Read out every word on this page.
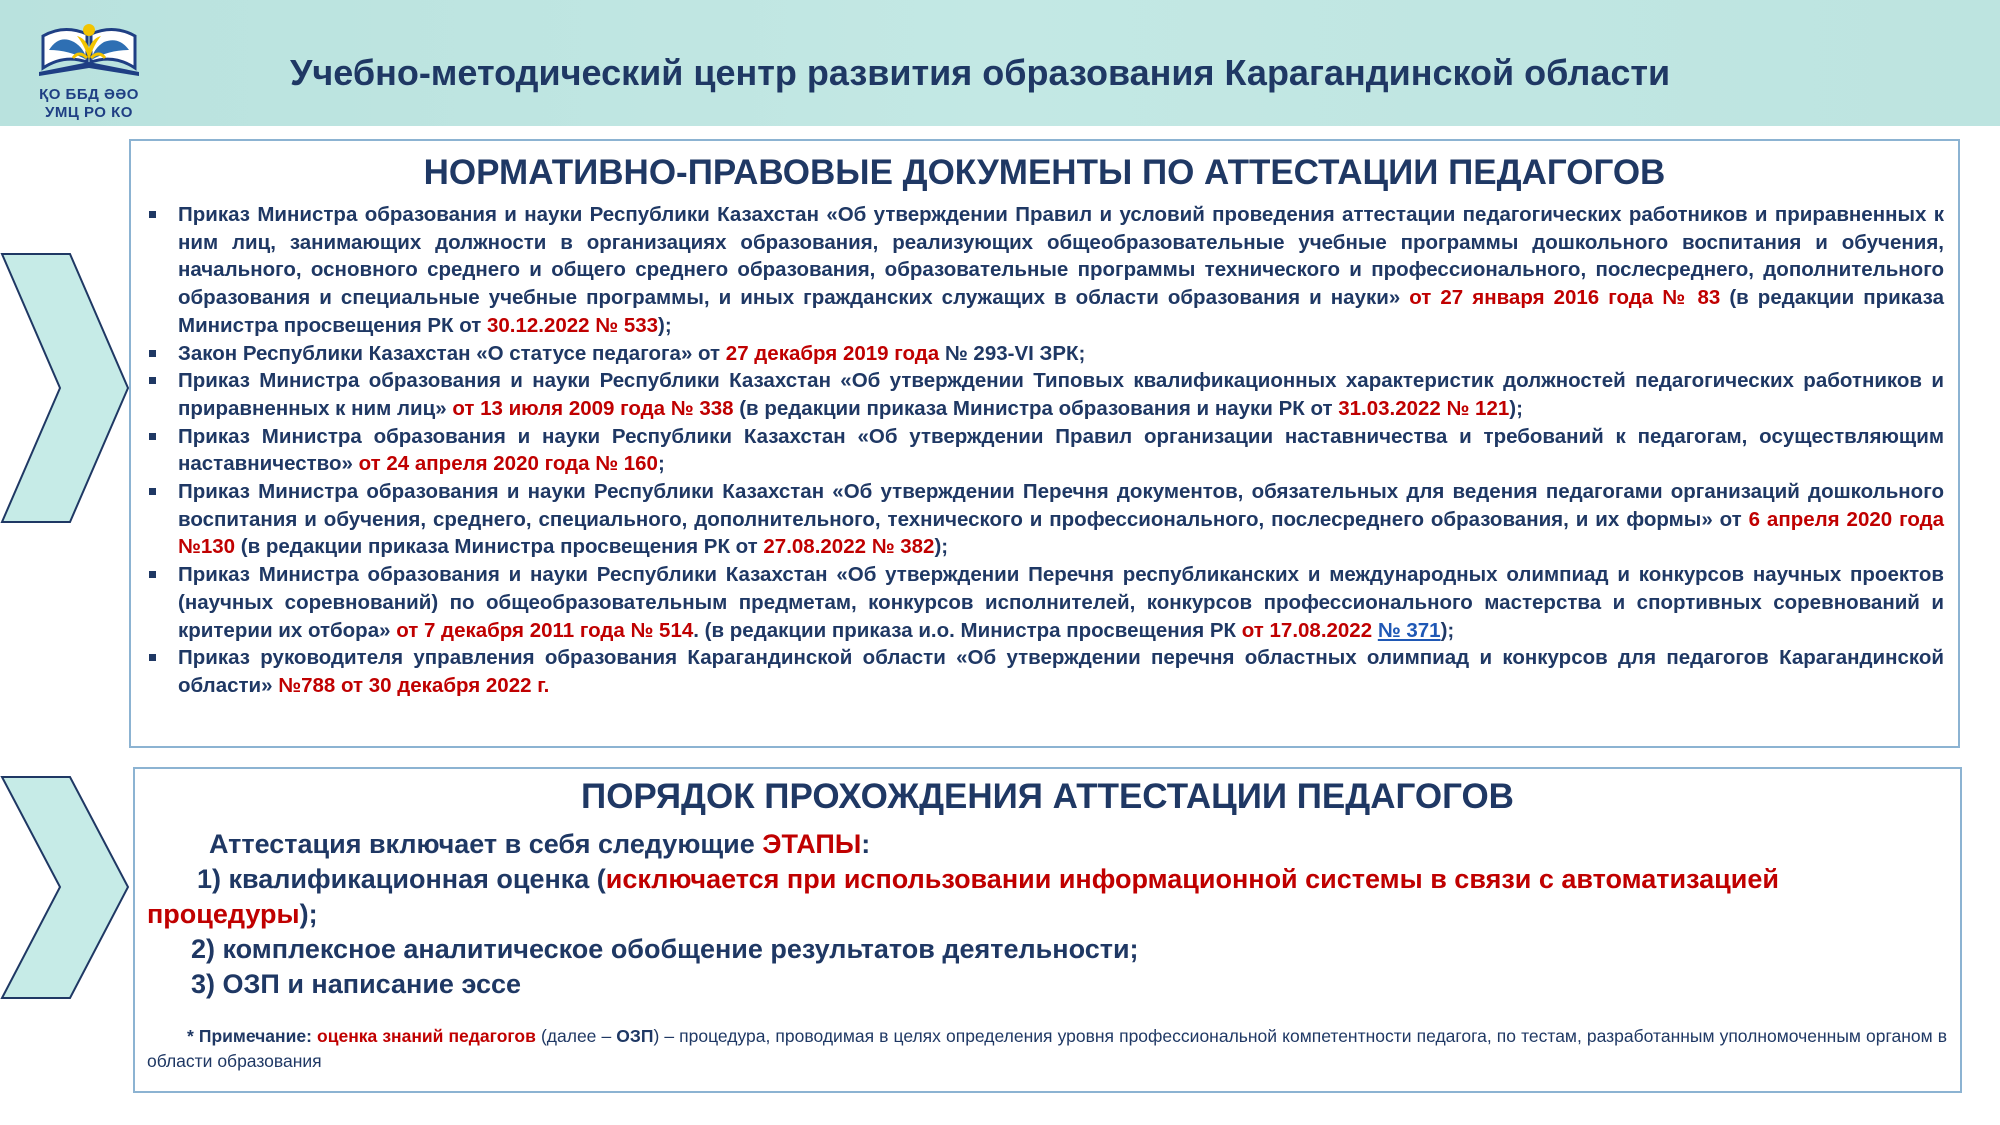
ҚО ББД ӘӘО
УМЦ РО КО
Учебно-методический центр развития образования Карагандинской области
НОРМАТИВНО-ПРАВОВЫЕ ДОКУМЕНТЫ ПО АТТЕСТАЦИИ ПЕДАГОГОВ
Приказ Министра образования и науки Республики Казахстан «Об утверждении Правил и условий проведения аттестации педагогических работников и приравненных к ним лиц, занимающих должности в организациях образования, реализующих общеобразовательные учебные программы дошкольного воспитания и обучения, начального, основного среднего и общего среднего образования, образовательные программы технического и профессионального, послесреднего, дополнительного образования и специальные учебные программы, и иных гражданских служащих в области образования и науки» от 27 января 2016 года № 83 (в редакции приказа Министра просвещения РК от 30.12.2022 № 533);
Закон Республики Казахстан «О статусе педагога» от 27 декабря 2019 года № 293-VI ЗРК;
Приказ Министра образования и науки Республики Казахстан «Об утверждении Типовых квалификационных характеристик должностей педагогических работников и приравненных к ним лиц» от 13 июля 2009 года № 338 (в редакции приказа Министра образования и науки РК от 31.03.2022 № 121);
Приказ Министра образования и науки Республики Казахстан «Об утверждении Правил организации наставничества и требований к педагогам, осуществляющим наставничество» от 24 апреля 2020 года № 160;
Приказ Министра образования и науки Республики Казахстан «Об утверждении Перечня документов, обязательных для ведения педагогами организаций дошкольного воспитания и обучения, среднего, специального, дополнительного, технического и профессионального, послесреднего образования, и их формы» от 6 апреля 2020 года №130 (в редакции приказа Министра просвещения РК от 27.08.2022 № 382);
Приказ Министра образования и науки Республики Казахстан «Об утверждении Перечня республиканских и международных олимпиад и конкурсов научных проектов (научных соревнований) по общеобразовательным предметам, конкурсов исполнителей, конкурсов профессионального мастерства и спортивных соревнований и критерии их отбора» от 7 декабря 2011 года № 514. (в редакции приказа и.о. Министра просвещения РК от 17.08.2022 № 371);
Приказ руководителя управления образования Карагандинской области «Об утверждении перечня областных олимпиад и конкурсов для педагогов Карагандинской области» №788 от 30 декабря 2022 г.
ПОРЯДОК ПРОХОЖДЕНИЯ АТТЕСТАЦИИ ПЕДАГОГОВ

Аттестация включает в себя следующие ЭТАПЫ:

1) квалификационная оценка (исключается при использовании информационной системы в связи с автоматизацией процедуры);

2) комплексное аналитическое обобщение результатов деятельности;

3) ОЗП и написание эссе

* Примечание: оценка знаний педагогов (далее – ОЗП) – процедура, проводимая в целях определения уровня профессиональной компетентности педагога, по тестам, разработанным уполномоченным органом в области образования
